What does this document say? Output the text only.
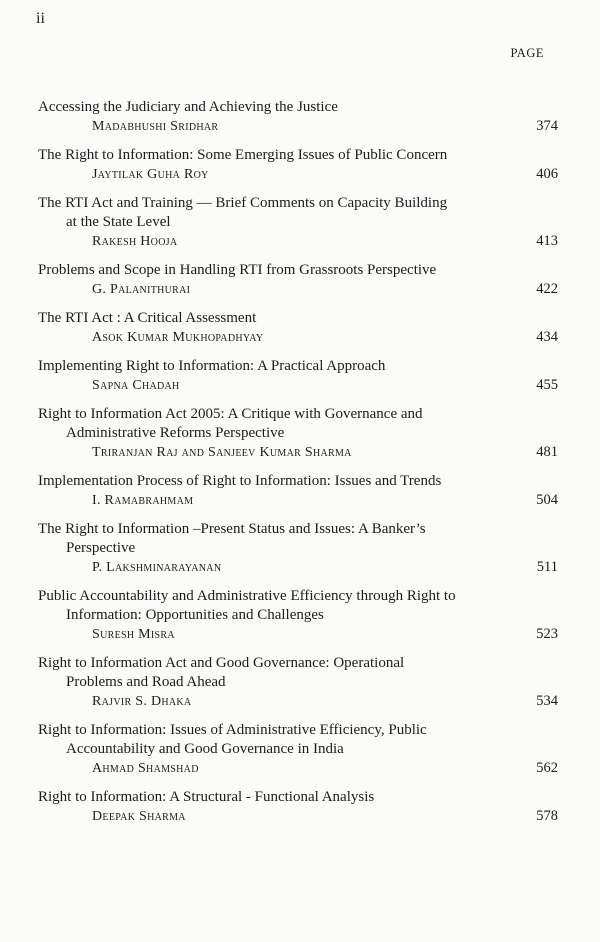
ii
PAGE
Accessing the Judiciary and Achieving the Justice
Madabhushi Sridhar	374
The Right to Information: Some Emerging Issues of Public Concern
Jaytilak Guha Roy	406
The RTI Act and Training — Brief Comments on Capacity Building
at the State Level
Rakesh Hooja	413
Problems and Scope in Handling RTI from Grassroots Perspective
G. Palanithurai	422
The RTI Act : A Critical Assessment
Asok Kumar Mukhopadhyay	434
Implementing Right to Information: A Practical Approach
Sapna Chadah	455
Right to Information Act 2005: A Critique with Governance and
Administrative Reforms Perspective
Triranjan Raj and Sanjeev Kumar Sharma	481
Implementation Process of Right to Information: Issues and Trends
I. Ramabrahmam	504
The Right to Information –Present Status and Issues: A Banker’s
Perspective
P. Lakshminarayanan	511
Public Accountability and Administrative Efficiency through Right to
Information: Opportunities and Challenges
Suresh Misra	523
Right to Information Act and Good Governance: Operational
Problems and Road Ahead
Rajvir S. Dhaka	534
Right to Information: Issues of Administrative Efficiency, Public
Accountability and Good Governance in India
Ahmad Shamshad	562
Right to Information: A Structural - Functional Analysis
Deepak Sharma	578
